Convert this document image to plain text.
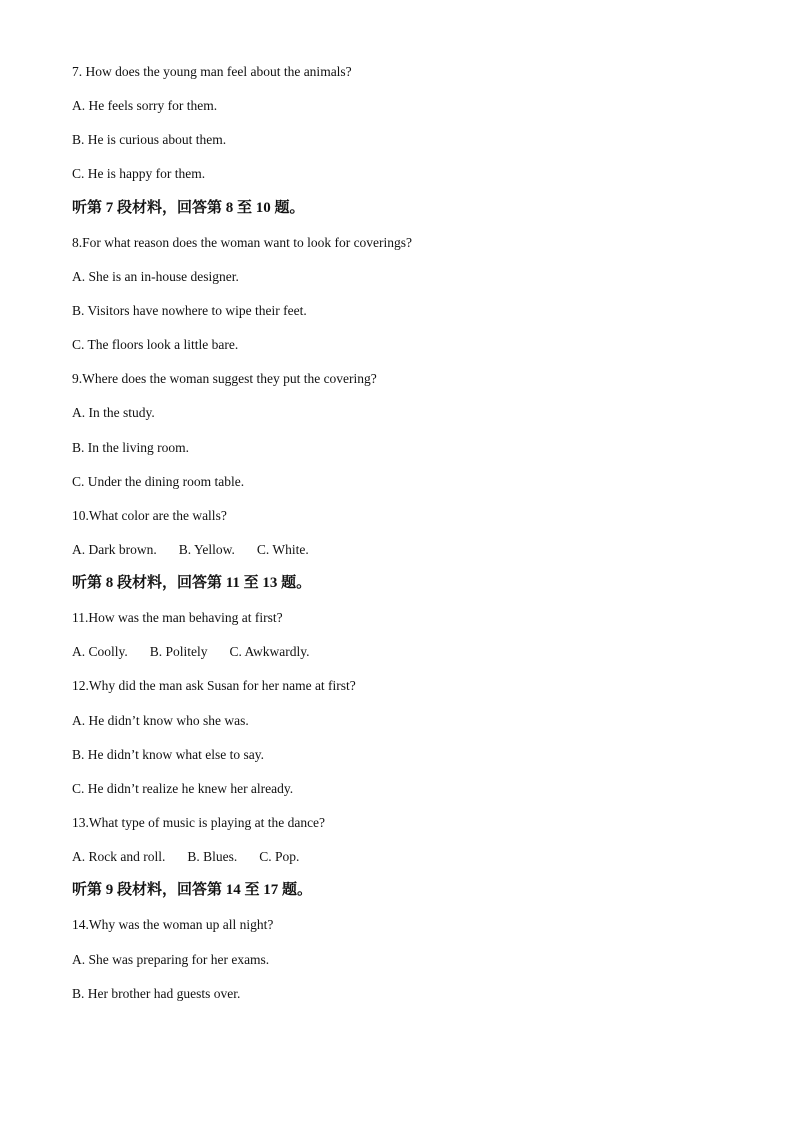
7. How does the young man feel about the animals?
A. He feels sorry for them.
B. He is curious about them.
C. He is happy for them.
听第 7 段材料，回答第 8 至 10 题。
8.For what reason does the woman want to look for coverings?
A. She is an in-house designer.
B. Visitors have nowhere to wipe their feet.
C. The floors look a little bare.
9.Where does the woman suggest they put the covering?
A. In the study.
B. In the living room.
C. Under the dining room table.
10.What color are the walls?
A. Dark brown. B. Yellow. C. White.
听第 8 段材料，回答第 11 至 13 题。
11.How was the man behaving at first?
A. Coolly. B. Politely C. Awkwardly.
12.Why did the man ask Susan for her name at first?
A. He didn’t know who she was.
B. He didn’t know what else to say.
C. He didn’t realize he knew her already.
13.What type of music is playing at the dance?
A. Rock and roll. B. Blues. C. Pop.
听第 9 段材料，回答第 14 至 17 题。
14.Why was the woman up all night?
A. She was preparing for her exams.
B. Her brother had guests over.
